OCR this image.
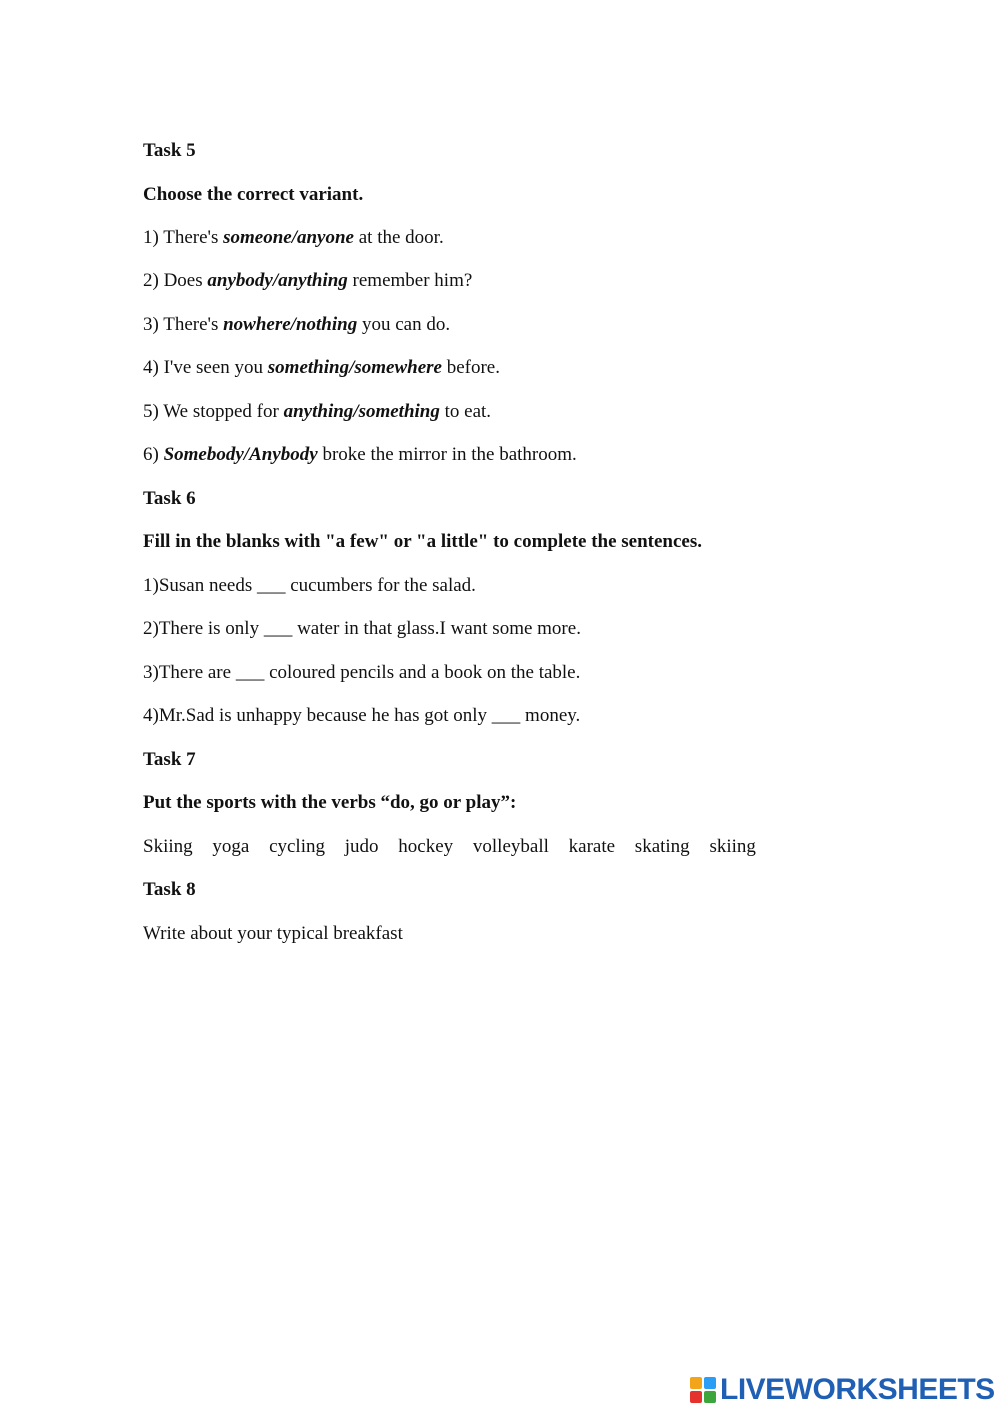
Task 5
Choose the correct variant.
1) There's someone/anyone at the door.
2) Does anybody/anything remember him?
3) There's nowhere/nothing you can do.
4) I've seen you something/somewhere before.
5) We stopped for anything/something to eat.
6) Somebody/Anybody broke the mirror in the bathroom.
Task 6
Fill in the blanks with "a few" or "a little" to complete the sentences.
1)Susan needs ___ cucumbers for the salad.
2)There is only ___ water in that glass.I want some more.
3)There are ___ coloured pencils and a book on the table.
4)Mr.Sad is unhappy because he has got only ___ money.
Task 7
Put the sports with the verbs “do, go or play”:
Skiing yoga cycling judo hockey volleyball karate skating skiing
Task 8
Write about your typical breakfast
LIVEWORKSHEETS
